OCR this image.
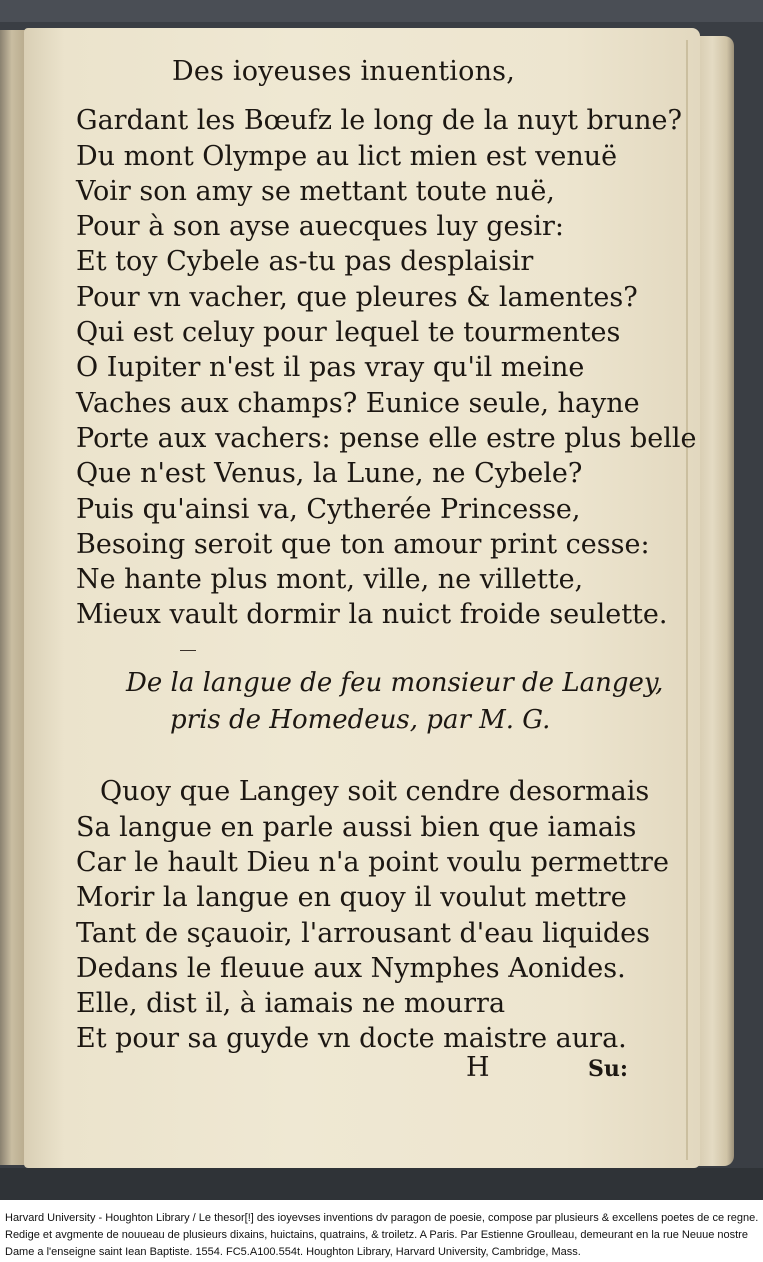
Des ioyeuses inuentions,
Gardant les Bœufz le long de la nuyt brune?
Du mont Olympe au lict mien est venuë
Voir son amy se mettant toute nuë,
Pour à son ayse auecques luy gesir:
Et toy Cybele as-tu pas desplaisir
Pour vn vacher, que pleures & lamentes?
Qui est celuy pour lequel te tourmentes
O Iupiter n'est il pas vray qu'il meine
Vaches aux champs? Eunice seule, hayne
Porte aux vachers: pense elle estre plus belle
Que n'est Venus, la Lune, ne Cybele?
Puis qu'ainsi va, Cytherée Princesse,
Besoing seroit que ton amour print cesse:
Ne hante plus mont, ville, ne villette,
Mieux vault dormir la nuict froide seulette.
De la langue de feu monsieur de Langey,
pris de Homedeus, par M. G.
Quoy que Langey soit cendre desormais
Sa langue en parle aussi bien que iamais
Car le hault Dieu n'a point voulu permettre
Morir la langue en quoy il voulut mettre
Tant de sçauoir, l'arrousant d'eau liquides
Dedans le fleuue aux Nymphes Aonides.
Elle, dist il, à iamais ne mourra
Et pour sa guyde vn docte maistre aura.
H	Su:
Harvard University - Houghton Library / Le thesor[!] des ioyevses inventions dv paragon de poesie, compose par plusieurs & excellens poetes de ce regne.
Redige et avgmente de nouueau de plusieurs dixains, huictains, quatrains, & troiletz. A Paris. Par Estienne Groulleau, demeurant en la rue Neuue nostre
Dame a l'enseigne saint Iean Baptiste. 1554. FC5.A100.554t. Houghton Library, Harvard University, Cambridge, Mass.
